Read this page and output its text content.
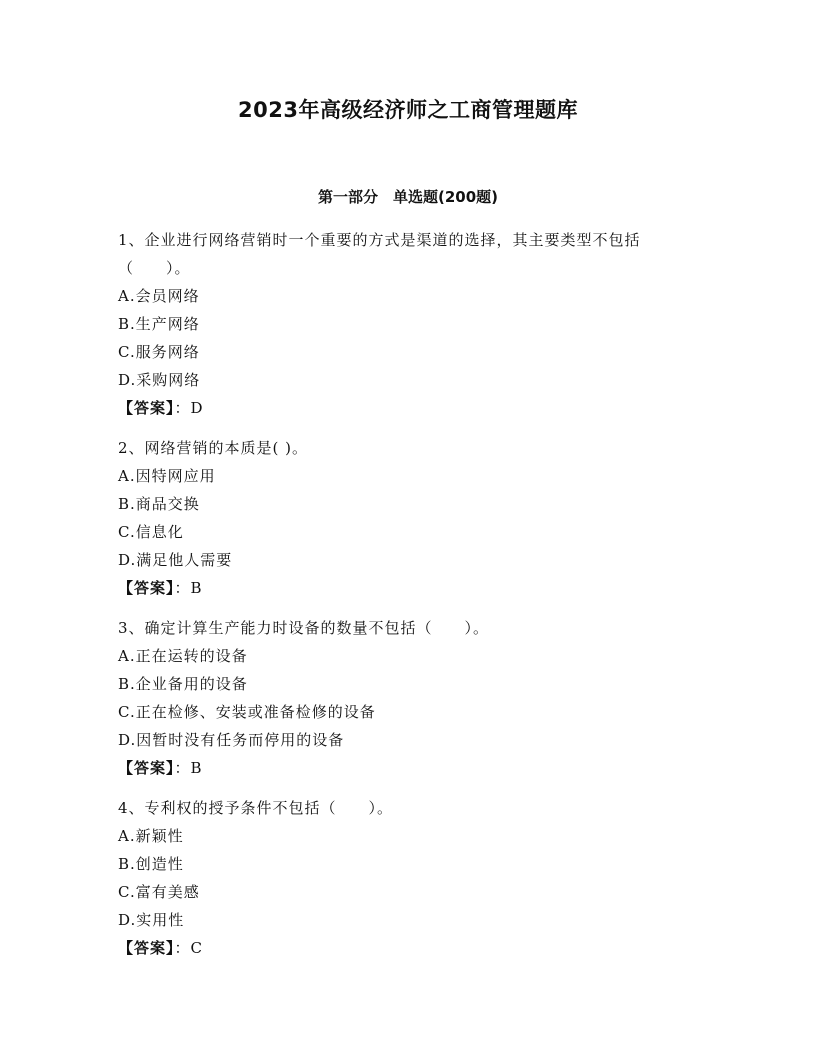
2023年高级经济师之工商管理题库
第一部分　单选题(200题)
1、企业进行网络营销时一个重要的方式是渠道的选择，其主要类型不包括（　　）。
A.会员网络
B.生产网络
C.服务网络
D.采购网络
【答案】：D
2、网络营销的本质是( )。
A.因特网应用
B.商品交换
C.信息化
D.满足他人需要
【答案】：B
3、确定计算生产能力时设备的数量不包括（　　）。
A.正在运转的设备
B.企业备用的设备
C.正在检修、安装或准备检修的设备
D.因暂时没有任务而停用的设备
【答案】：B
4、专利权的授予条件不包括（　　）。
A.新颖性
B.创造性
C.富有美感
D.实用性
【答案】：C
